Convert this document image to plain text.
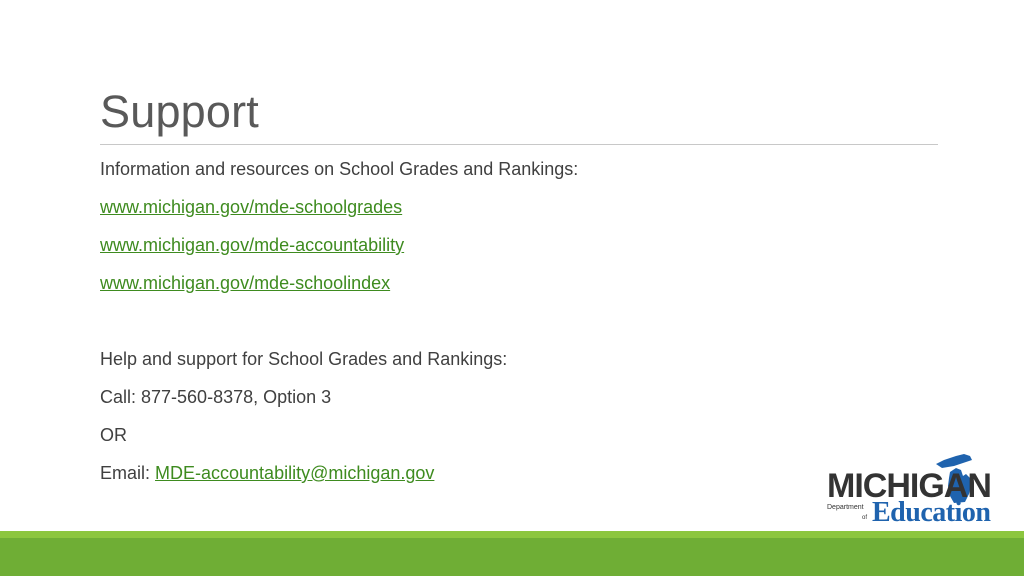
Support
Information and resources on School Grades and Rankings:
www.michigan.gov/mde-schoolgrades
www.michigan.gov/mde-accountability
www.michigan.gov/mde-schoolindex
Help and support for School Grades and Rankings:
Call: 877-560-8378, Option 3
OR
Email: MDE-accountability@michigan.gov	MICHIGAN
Department
of Education
